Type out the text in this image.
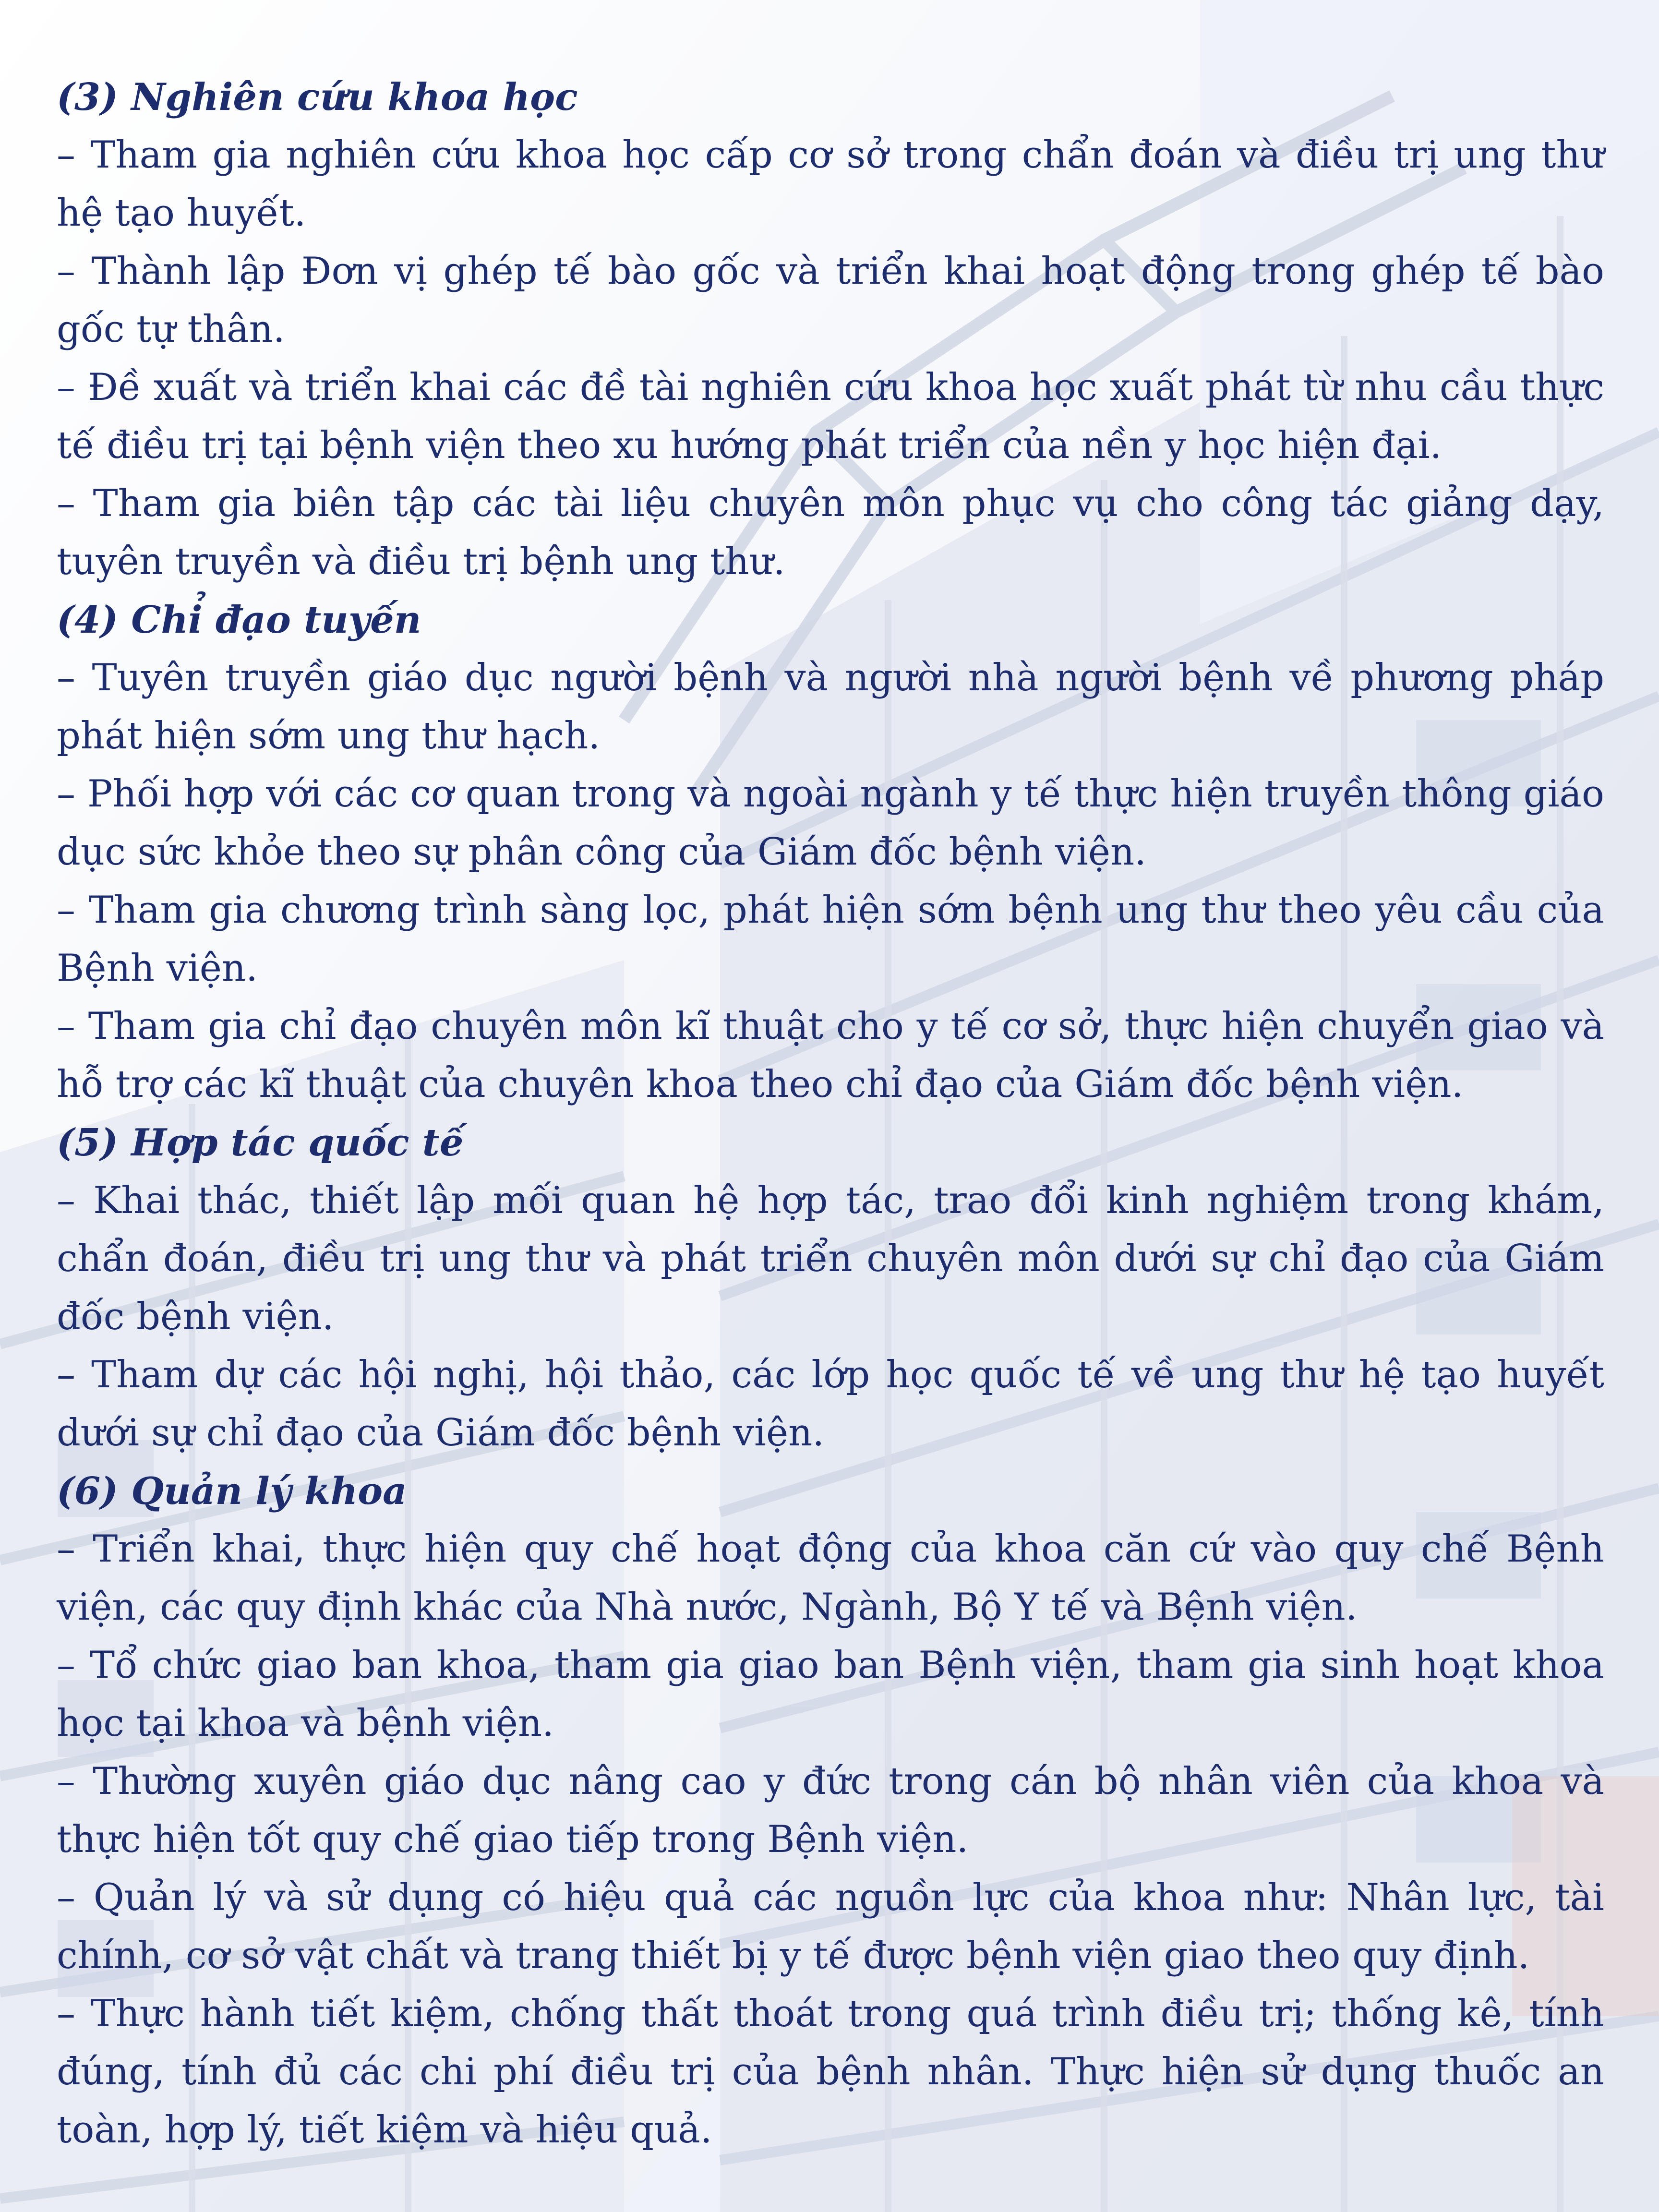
(3) Nghiên cứu khoa học

– Tham gia nghiên cứu khoa học cấp cơ sở trong chẩn đoán và điều trị ung thư hệ tạo huyết.

– Thành lập Đơn vị ghép tế bào gốc và triển khai hoạt động trong ghép tế bào gốc tự thân.

– Đề xuất và triển khai các đề tài nghiên cứu khoa học xuất phát từ nhu cầu thực tế điều trị tại bệnh viện theo xu hướng phát triển của nền y học hiện đại.

– Tham gia biên tập các tài liệu chuyên môn phục vụ cho công tác giảng dạy, tuyên truyền và điều trị bệnh ung thư.

(4) Chỉ đạo tuyến

– Tuyên truyền giáo dục người bệnh và người nhà người bệnh về phương pháp phát hiện sớm ung thư hạch.

– Phối hợp với các cơ quan trong và ngoài ngành y tế thực hiện truyền thông giáo dục sức khỏe theo sự phân công của Giám đốc bệnh viện.

– Tham gia chương trình sàng lọc, phát hiện sớm bệnh ung thư theo yêu cầu của Bệnh viện.

– Tham gia chỉ đạo chuyên môn kĩ thuật cho y tế cơ sở, thực hiện chuyển giao và hỗ trợ các kĩ thuật của chuyên khoa theo chỉ đạo của Giám đốc bệnh viện.

(5) Hợp tác quốc tế

– Khai thác, thiết lập mối quan hệ hợp tác, trao đổi kinh nghiệm trong khám, chẩn đoán, điều trị ung thư và phát triển chuyên môn dưới sự chỉ đạo của Giám đốc bệnh viện.

– Tham dự các hội nghị, hội thảo, các lớp học quốc tế về ung thư hệ tạo huyết dưới sự chỉ đạo của Giám đốc bệnh viện.

(6) Quản lý khoa

– Triển khai, thực hiện quy chế hoạt động của khoa căn cứ vào quy chế Bệnh viện, các quy định khác của Nhà nước, Ngành, Bộ Y tế và Bệnh viện.

– Tổ chức giao ban khoa, tham gia giao ban Bệnh viện, tham gia sinh hoạt khoa học tại khoa và bệnh viện.

– Thường xuyên giáo dục nâng cao y đức trong cán bộ nhân viên của khoa và thực hiện tốt quy chế giao tiếp trong Bệnh viện.

– Quản lý và sử dụng có hiệu quả các nguồn lực của khoa như: Nhân lực, tài chính, cơ sở vật chất và trang thiết bị y tế được bệnh viện giao theo quy định.

– Thực hành tiết kiệm, chống thất thoát trong quá trình điều trị; thống kê, tính đúng, tính đủ các chi phí điều trị của bệnh nhân. Thực hiện sử dụng thuốc an toàn, hợp lý, tiết kiệm và hiệu quả.
